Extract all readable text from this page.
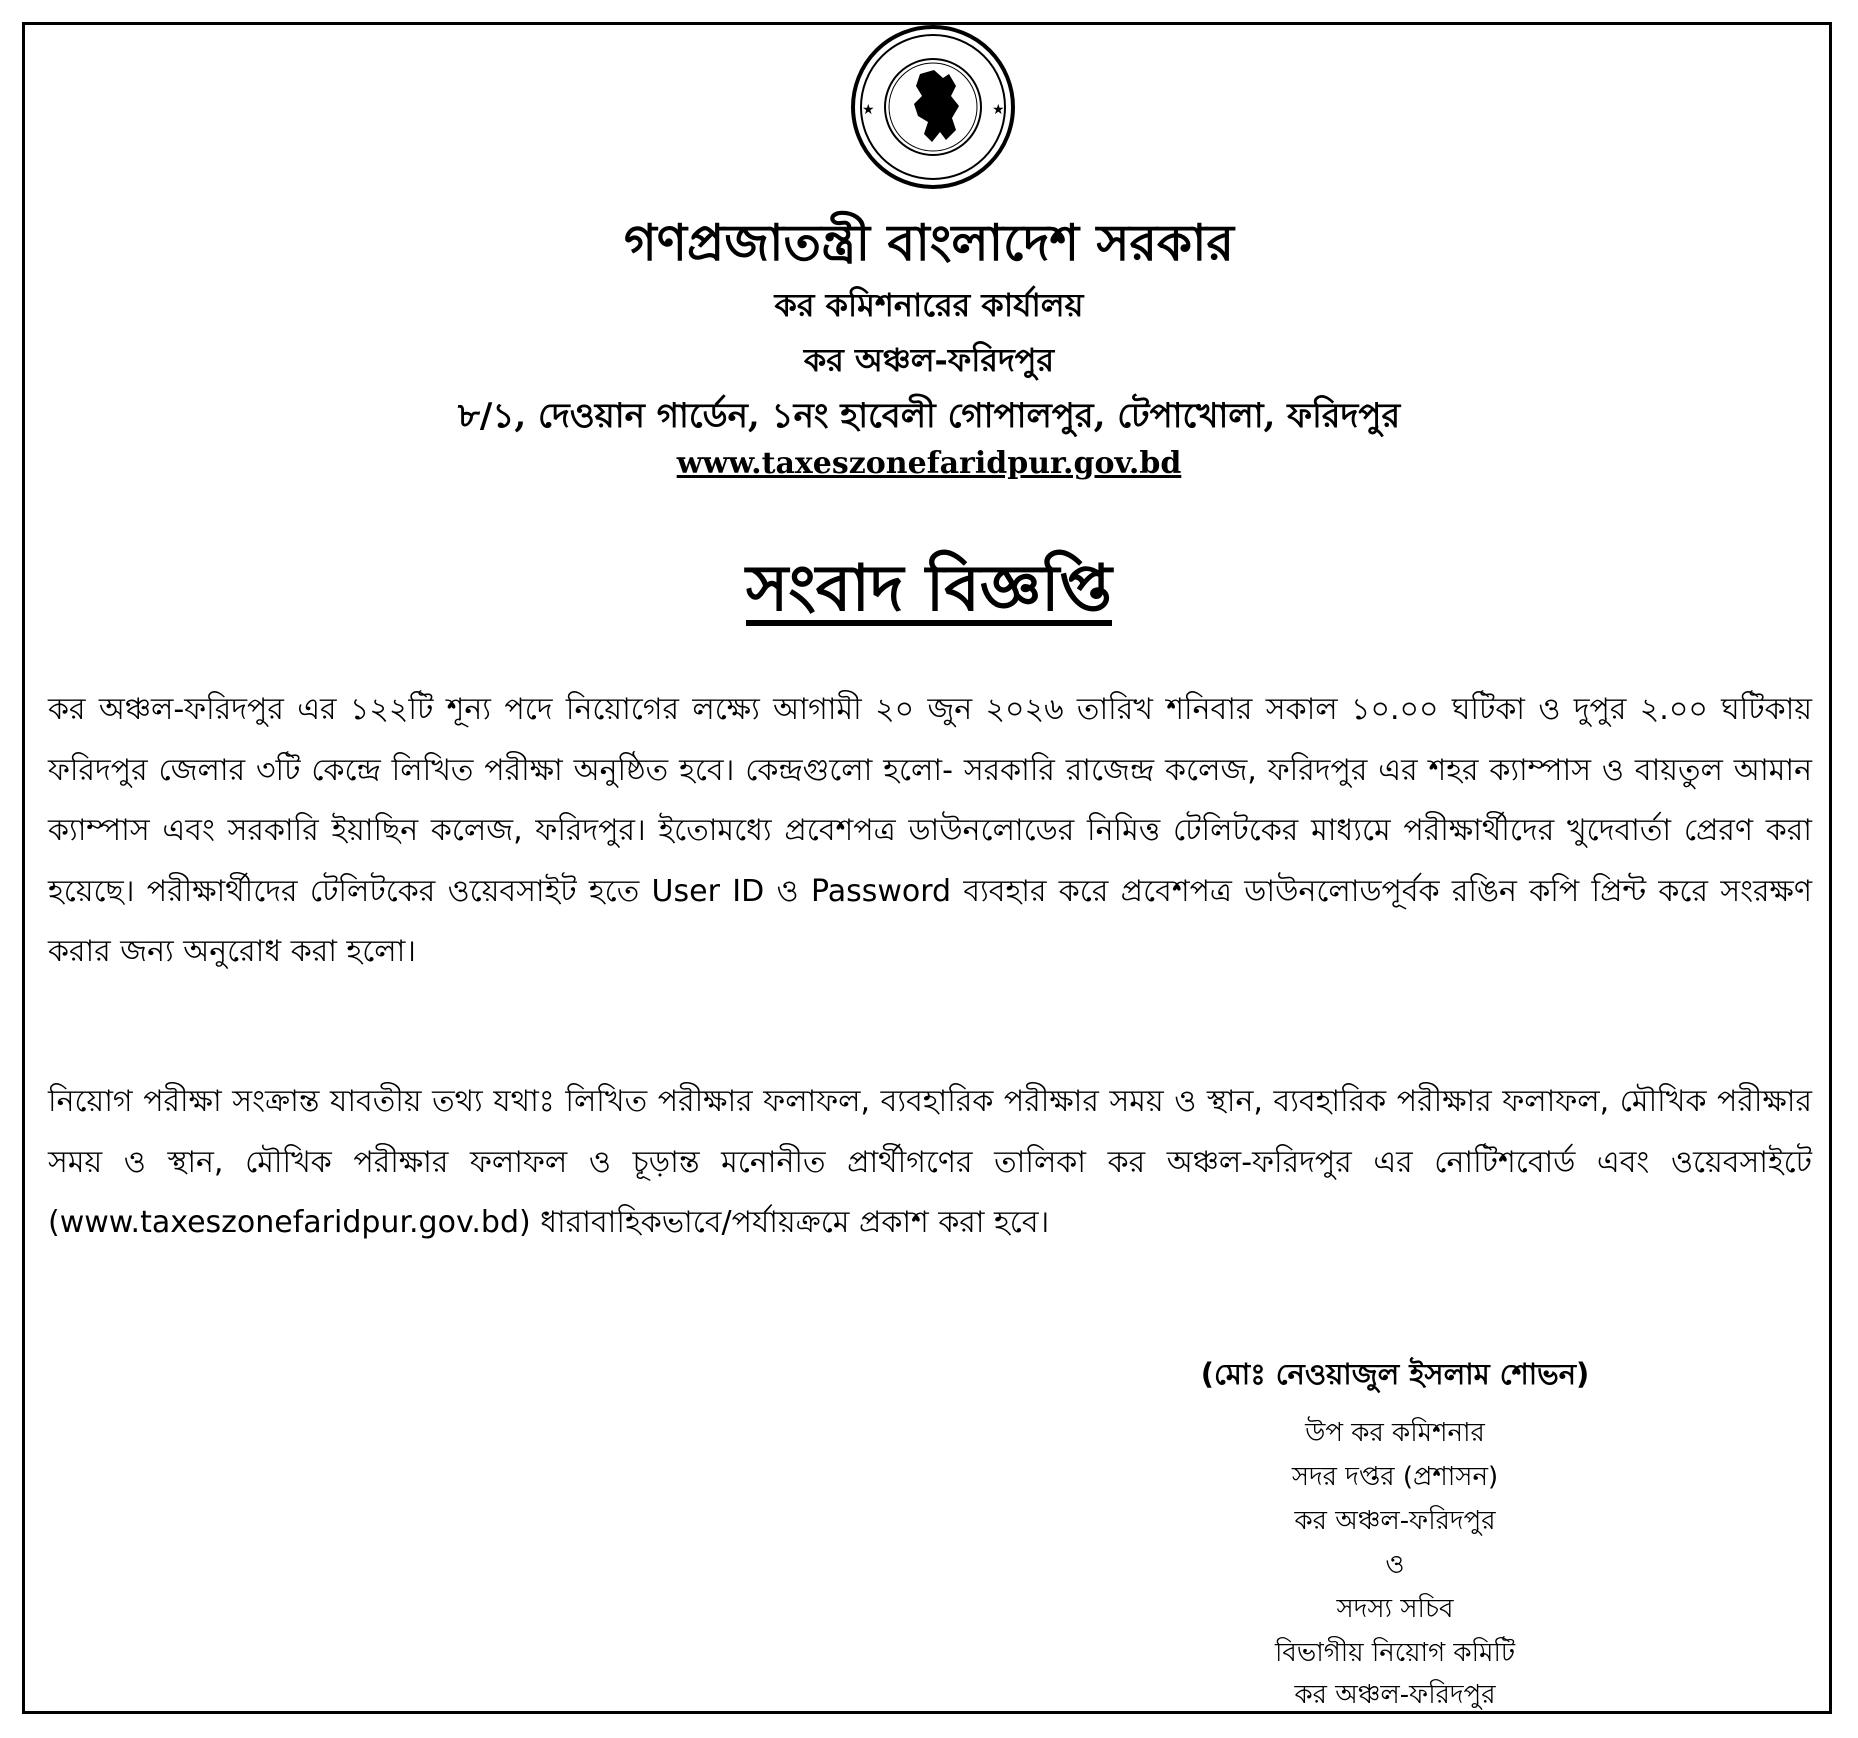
★	★
গণপ্রজাতন্ত্রী বাংলাদেশ সরকার
কর কমিশনারের কার্যালয়
কর অঞ্চল-ফরিদপুর
৮/১, দেওয়ান গার্ডেন, ১নং হাবেলী গোপালপুর, টেপাখোলা, ফরিদপুর
www.taxeszonefaridpur.gov.bd
সংবাদ বিজ্ঞপ্তি
কর অঞ্চল-ফরিদপুর এর ১২২টি শূন্য পদে নিয়োগের লক্ষ্যে আগামী ২০ জুন ২০২৬ তারিখ শনিবার সকাল ১০.০০ ঘটিকা ও দুপুর ২.০০ ঘটিকায় ফরিদপুর জেলার ৩টি কেন্দ্রে লিখিত পরীক্ষা অনুষ্ঠিত হবে। কেন্দ্রগুলো হলো- সরকারি রাজেন্দ্র কলেজ, ফরিদপুর এর শহর ক্যাম্পাস ও বায়তুল আমান ক্যাম্পাস এবং সরকারি ইয়াছিন কলেজ, ফরিদপুর। ইতোমধ্যে প্রবেশপত্র ডাউনলোডের নিমিত্ত টেলিটকের মাধ্যমে পরীক্ষার্থীদের খুদেবার্তা প্রেরণ করা হয়েছে। পরীক্ষার্থীদের টেলিটকের ওয়েবসাইট হতে User ID ও Password ব্যবহার করে প্রবেশপত্র ডাউনলোডপূর্বক রঙিন কপি প্রিন্ট করে সংরক্ষণ করার জন্য অনুরোধ করা হলো।
নিয়োগ পরীক্ষা সংক্রান্ত যাবতীয় তথ্য যথাঃ লিখিত পরীক্ষার ফলাফল, ব্যবহারিক পরীক্ষার সময় ও স্থান, ব্যবহারিক পরীক্ষার ফলাফল, মৌখিক পরীক্ষার সময় ও স্থান, মৌখিক পরীক্ষার ফলাফল ও চূড়ান্ত মনোনীত প্রার্থীগণের তালিকা কর অঞ্চল-ফরিদপুর এর নোটিশবোর্ড এবং ওয়েবসাইটে (www.taxeszonefaridpur.gov.bd) ধারাবাহিকভাবে/পর্যায়ক্রমে প্রকাশ করা হবে।
(মোঃ নেওয়াজুল ইসলাম শোভন)
উপ কর কমিশনার
সদর দপ্তর (প্রশাসন)
কর অঞ্চল-ফরিদপুর
ও
সদস্য সচিব
বিভাগীয় নিয়োগ কমিটি
কর অঞ্চল-ফরিদপুর
